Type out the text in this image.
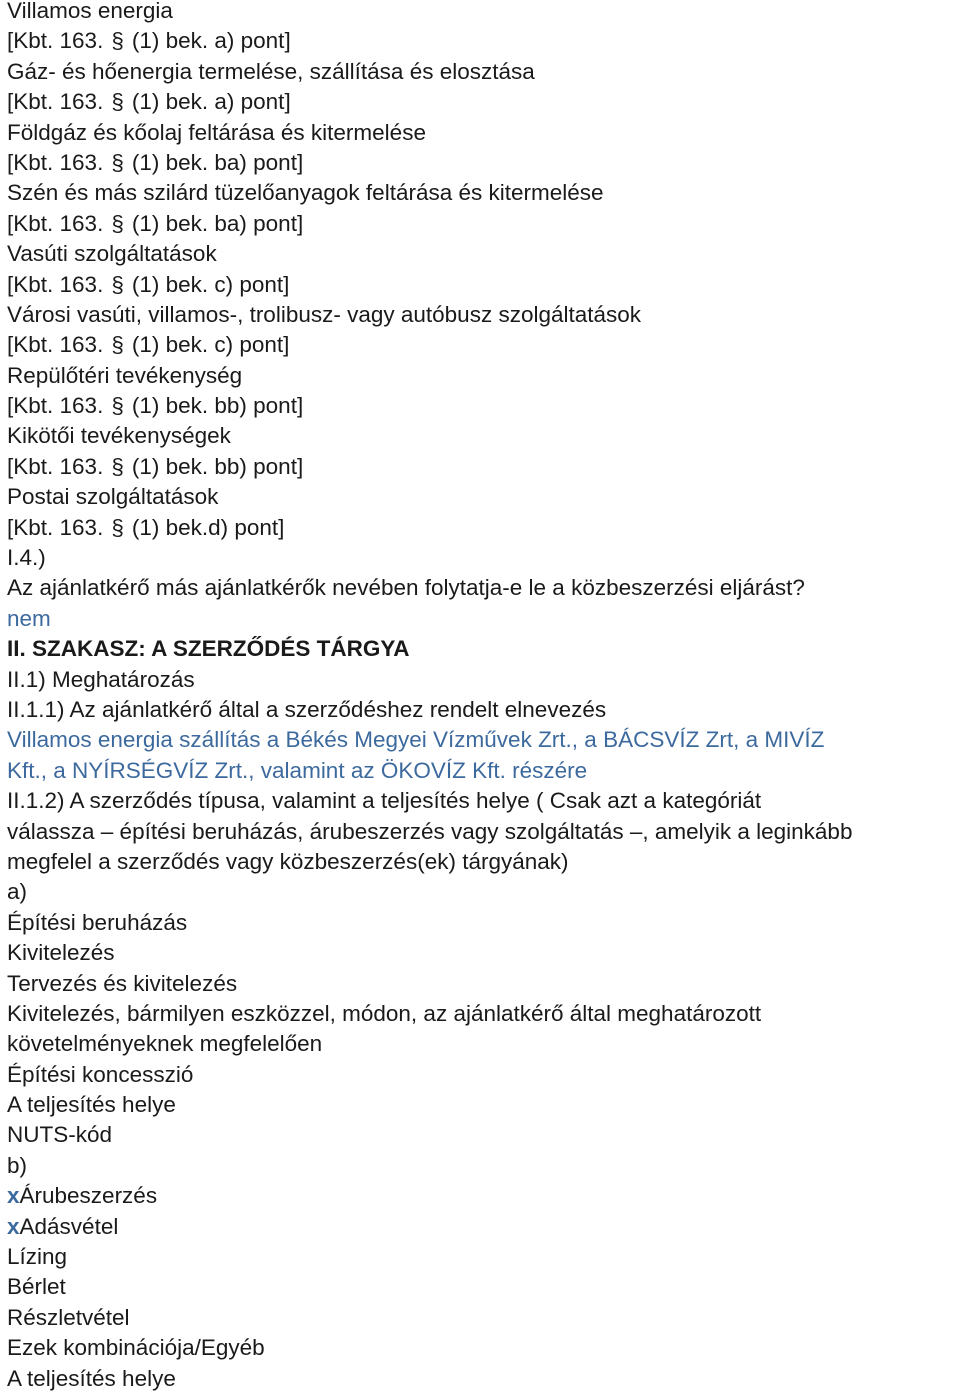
Villamos energia
[Kbt. 163. § (1) bek. a) pont]
Gáz- és hőenergia termelése, szállítása és elosztása
[Kbt. 163. § (1) bek. a) pont]
Földgáz és kőolaj feltárása és kitermelése
[Kbt. 163. § (1) bek. ba) pont]
Szén és más szilárd tüzelőanyagok feltárása és kitermelése
[Kbt. 163. § (1) bek. ba) pont]
Vasúti szolgáltatások
[Kbt. 163. § (1) bek. c) pont]
Városi vasúti, villamos-, trolibusz- vagy autóbusz szolgáltatások
[Kbt. 163. § (1) bek. c) pont]
Repülőtéri tevékenység
[Kbt. 163. § (1) bek. bb) pont]
Kikötői tevékenységek
[Kbt. 163. § (1) bek. bb) pont]
Postai szolgáltatások
[Kbt. 163. § (1) bek.d) pont]
I.4.)
Az ajánlatkérő más ajánlatkérők nevében folytatja-e le a közbeszerzési eljárást?
nem
II. SZAKASZ: A SZERZŐDÉS TÁRGYA
II.1) Meghatározás
II.1.1) Az ajánlatkérő által a szerződéshez rendelt elnevezés
Villamos energia szállítás a Békés Megyei Vízművek Zrt., a BÁCSVÍZ Zrt, a MIVÍZ
Kft., a NYÍRSÉGVÍZ Zrt., valamint az ÖKOVÍZ Kft. részére
II.1.2) A szerződés típusa, valamint a teljesítés helye ( Csak azt a kategóriát
válassza – építési beruházás, árubeszerzés vagy szolgáltatás –, amelyik a leginkább
megfelel a szerződés vagy közbeszerzés(ek) tárgyának)
a)
Építési beruházás
Kivitelezés
Tervezés és kivitelezés
Kivitelezés, bármilyen eszközzel, módon, az ajánlatkérő által meghatározott
követelményeknek megfelelően
Építési koncesszió
A teljesítés helye
NUTS-kód
b)
xÁrubeszerzés
xAdásvétel
Lízing
Bérlet
Részletvétel
Ezek kombinációja/Egyéb
A teljesítés helye
